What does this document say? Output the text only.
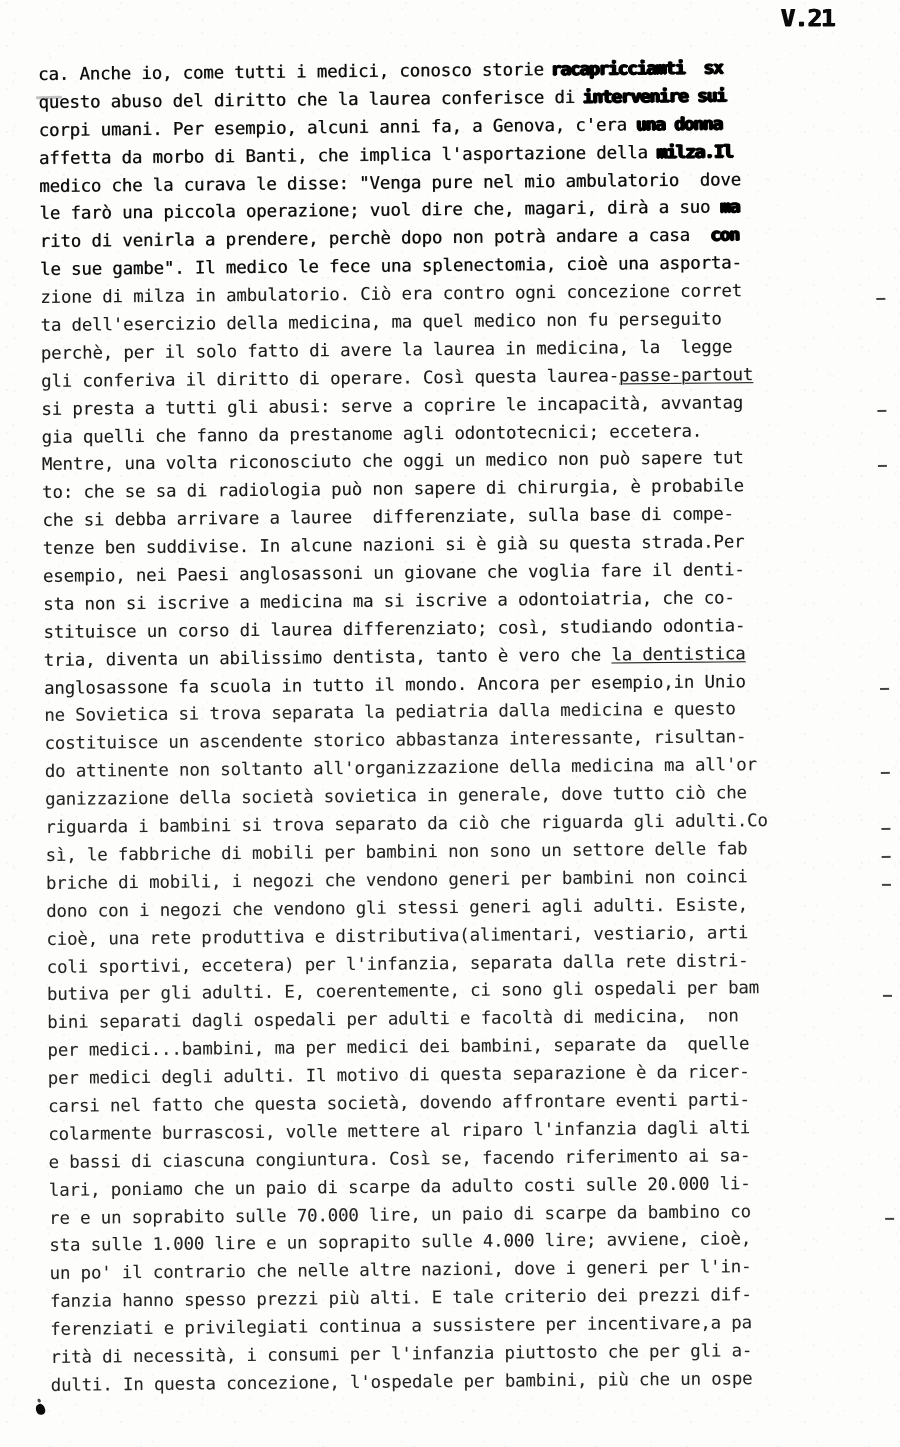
V.21
ca. Anche io, come tutti i medici, conosco storie racapricciamti  sx
questo abuso del diritto che la laurea conferisce di intervenire sui
corpi umani. Per esempio, alcuni anni fa, a Genova, c'era una donna
affetta da morbo di Banti, che implica l'asportazione della milza.Il
medico che la curava le disse: "Venga pure nel mio ambulatorio  dove
le farò una piccola operazione; vuol dire che, magari, dirà a suo ma
rito di venirla a prendere, perchè dopo non potrà andare a casa  con
le sue gambe". Il medico le fece una splenectomia, cioè una asporta-
zione di milza in ambulatorio. Ciò era contro ogni concezione corret
ta dell'esercizio della medicina, ma quel medico non fu perseguito
perchè, per il solo fatto di avere la laurea in medicina, la  legge
gli conferiva il diritto di operare. Così questa laurea-passe-partout
si presta a tutti gli abusi: serve a coprire le incapacità, avvantag
gia quelli che fanno da prestanome agli odontotecnici; eccetera.
Mentre, una volta riconosciuto che oggi un medico non può sapere tut
to: che se sa di radiologia può non sapere di chirurgia, è probabile
che si debba arrivare a lauree  differenziate, sulla base di compe-
tenze ben suddivise. In alcune nazioni si è già su questa strada.Per
esempio, nei Paesi anglosassoni un giovane che voglia fare il denti-
sta non si iscrive a medicina ma si iscrive a odontoiatria, che co-
stituisce un corso di laurea differenziato; così, studiando odontia-
tria, diventa un abilissimo dentista, tanto è vero che la dentistica
anglosassone fa scuola in tutto il mondo. Ancora per esempio,in Unio
ne Sovietica si trova separata la pediatria dalla medicina e questo
costituisce un ascendente storico abbastanza interessante, risultan-
do attinente non soltanto all'organizzazione della medicina ma all'or
ganizzazione della società sovietica in generale, dove tutto ciò che
riguarda i bambini si trova separato da ciò che riguarda gli adulti.Co
sì, le fabbriche di mobili per bambini non sono un settore delle fab
briche di mobili, i negozi che vendono generi per bambini non coinci
dono con i negozi che vendono gli stessi generi agli adulti. Esiste,
cioè, una rete produttiva e distributiva(alimentari, vestiario, arti
coli sportivi, eccetera) per l'infanzia, separata dalla rete distri-
butiva per gli adulti. E, coerentemente, ci sono gli ospedali per bam
bini separati dagli ospedali per adulti e facoltà di medicina,  non
per medici...bambini, ma per medici dei bambini, separate da  quelle
per medici degli adulti. Il motivo di questa separazione è da ricer-
carsi nel fatto che questa società, dovendo affrontare eventi parti-
colarmente burrascosi, volle mettere al riparo l'infanzia dagli alti
e bassi di ciascuna congiuntura. Così se, facendo riferimento ai sa-
lari, poniamo che un paio di scarpe da adulto costi sulle 20.000 li-
re e un soprabito sulle 70.000 lire, un paio di scarpe da bambino co
sta sulle 1.000 lire e un soprapito sulle 4.000 lire; avviene, cioè,
un po' il contrario che nelle altre nazioni, dove i generi per l'in-
fanzia hanno spesso prezzi più alti. E tale criterio dei prezzi dif-
ferenziati e privilegiati continua a sussistere per incentivare,a pa
rità di necessità, i consumi per l'infanzia piuttosto che per gli a-
dulti. In questa concezione, l'ospedale per bambini, più che un ospe
